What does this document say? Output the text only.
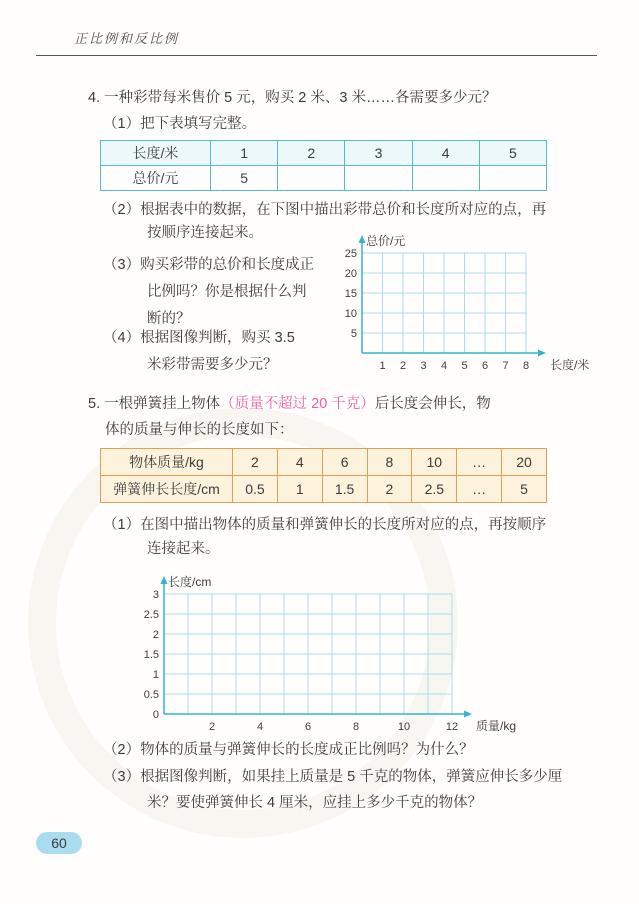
正比例和反比例
4. 一种彩带每米售价 5 元，购买 2 米、3 米……各需要多少元？
（1）把下表填写完整。
长度/米	1	2	3	4	5
总价/元	5				
（2）根据表中的数据，在下图中描出彩带总价和长度所对应的点，再按顺序连接起来。
25
20
15
10
5
1 2 3 4 5 6 7 8
总价/元
长度/米
（3）购买彩带的总价和长度成正比例吗？你是根据什么判断的？
（4）根据图像判断，购买 3.5 米彩带需要多少元？
5. 一根弹簧挂上物体（质量不超过 20 千克）后长度会伸长，物体的质量与伸长的长度如下：
物体质量/kg	2	4	6	8	10	…	20
弹簧伸长长度/cm	0.5	1	1.5	2	2.5	…	5
（1）在图中描出物体的质量和弹簧伸长的长度所对应的点，再按顺序连接起来。
3
2.5
2
1.5
1
0.5
0
2	4	6	8	10	12
长度/cm
质量/kg
（2）物体的质量与弹簧伸长的长度成正比例吗？为什么？
（3）根据图像判断，如果挂上质量是 5 千克的物体，弹簧应伸长多少厘米？要使弹簧伸长 4 厘米，应挂上多少千克的物体？
60
